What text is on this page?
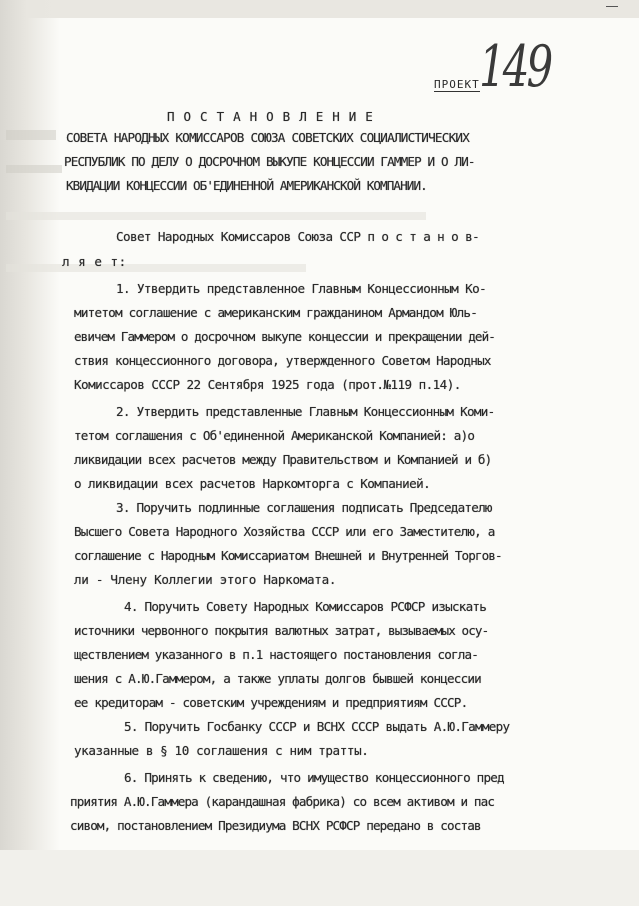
ПРОЕКТ 149
ПОСТАНОВЛЕНИЕ
СОВЕТА НАРОДНЫХ КОМИССАРОВ СОЮЗА СОВЕТСКИХ СОЦИАЛИСТИЧЕСКИХ
РЕСПУБЛИК ПО ДЕЛУ О ДОСРОЧНОМ ВЫКУПЕ КОНЦЕССИИ ГАММЕР И О ЛИ-
КВИДАЦИИ КОНЦЕССИИ ОБ'ЕДИНЕННОЙ АМЕРИКАНСКОЙ КОМПАНИИ.
Совет Народных Комиссаров Союза ССР п о с т а н о в-
л я е т:
1. Утвердить представленное Главным Концессионным Ко-
митетом соглашение с американским гражданином Армандом Юль-
евичем Гаммером о досрочном выкупе концессии и прекращении дей-
ствия концессионного договора, утвержденного Советом Народных
Комиссаров СССР 22 Сентября 1925 года (прот.№119 п.14).
2. Утвердить представленные Главным Концессионным Коми-
тетом соглашения с Об'единенной Американской Компанией: а)о
ликвидации всех расчетов между Правительством и Компанией и б)
о ликвидации всех расчетов Наркомторга с Компанией.
3. Поручить подлинные соглашения подписать Председателю
Высшего Совета Народного Хозяйства СССР или его Заместителю, а
соглашение с Народным Комиссариатом Внешней и Внутренней Торгов-
ли - Члену Коллегии этого Наркомата.
4. Поручить Совету Народных Комиссаров РСФСР изыскать
источники червонного покрытия валютных затрат, вызываемых осу-
ществлением указанного в п.1 настоящего постановления согла-
шения с А.Ю.Гаммером, а также уплаты долгов бывшей концессии
ее кредиторам - советским учреждениям и предприятиям СССР.
5. Поручить Госбанку СССР и ВСНХ СССР выдать А.Ю.Гаммеру
указанные в § 10 соглашения с ним тратты.
6. Принять к сведению, что имущество концессионного пред
приятия А.Ю.Гаммера (карандашная фабрика) со всем активом и пас
сивом, постановлением Президиума ВСНХ РСФСР передано в состав
